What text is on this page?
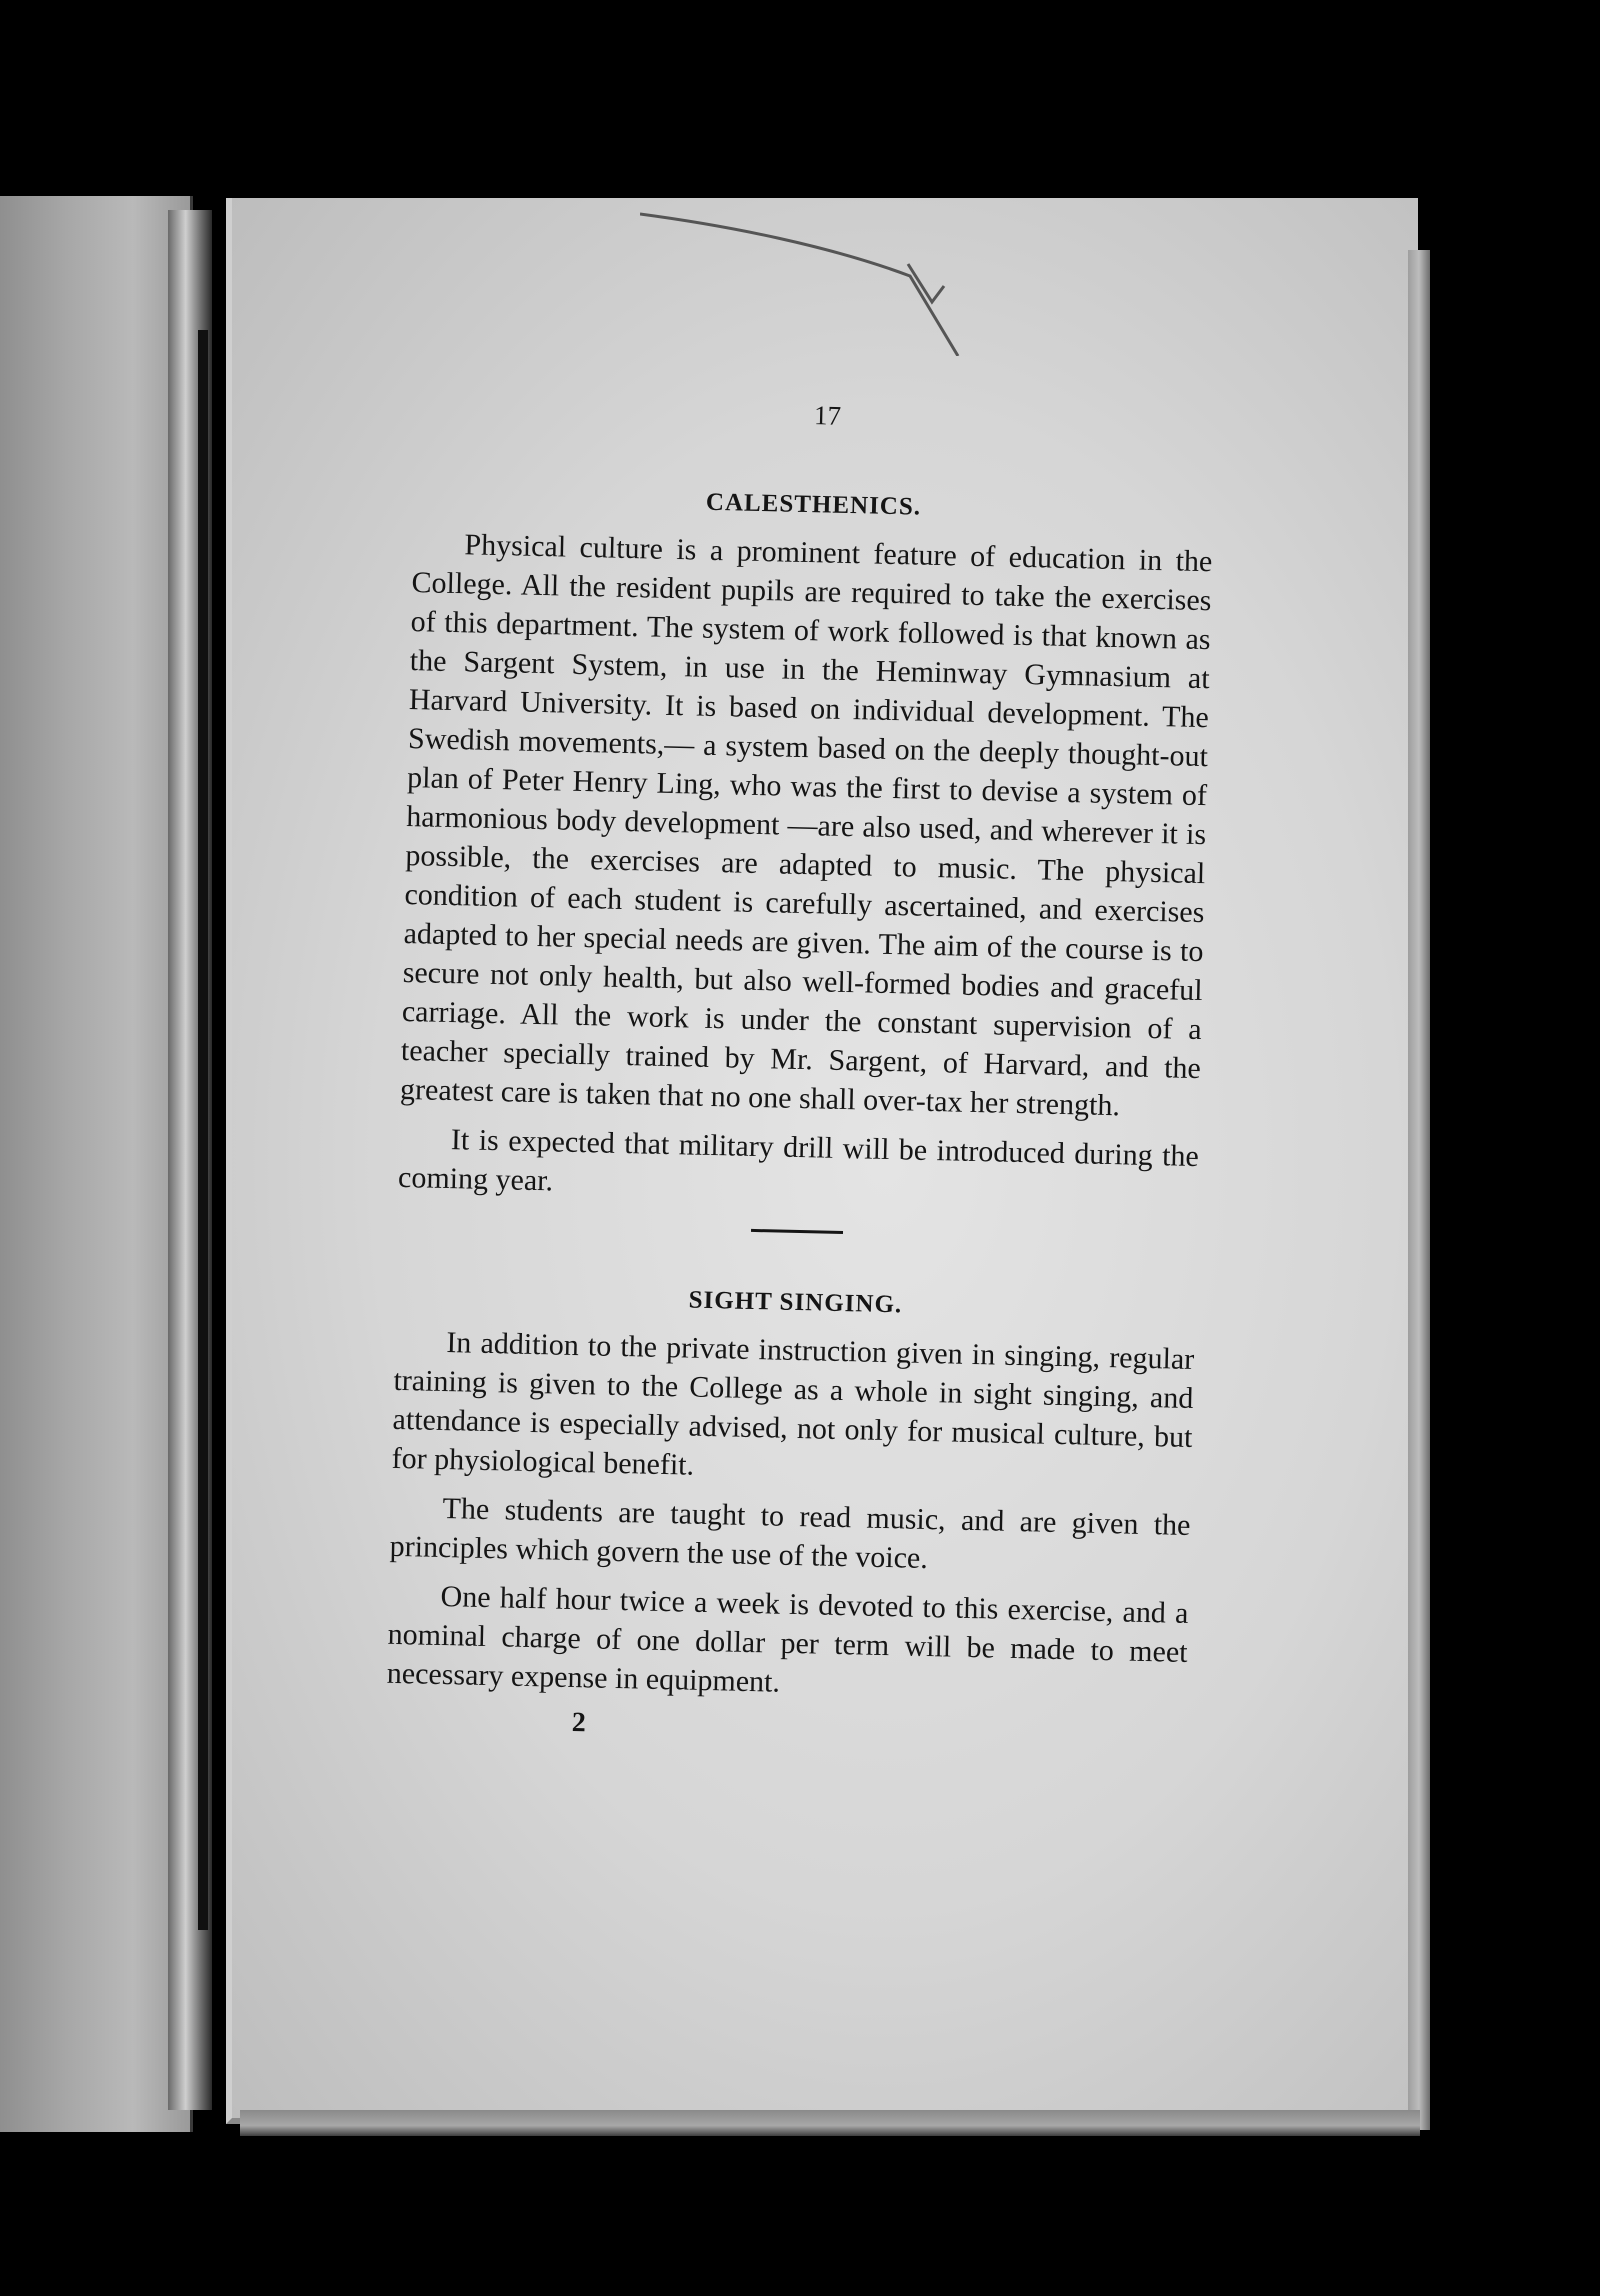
17
CALESTHENICS.

Physical culture is a prominent feature of education in the College. All the resident pupils are required to take the exercises of this department. The system of work followed is that known as the Sargent System, in use in the Heminway Gymnasium at Harvard University. It is based on individual development. The Swedish movements,— a system based on the deeply thought-out plan of Peter Henry Ling, who was the first to devise a system of harmonious body development —are also used, and wherever it is possible, the exercises are adapted to music. The physical condition of each student is carefully ascertained, and exercises adapted to her special needs are given. The aim of the course is to secure not only health, but also well-formed bodies and graceful carriage. All the work is under the constant supervision of a teacher specially trained by Mr. Sargent, of Harvard, and the greatest care is taken that no one shall over-tax her strength.

It is expected that military drill will be introduced during the coming year.

SIGHT SINGING.

In addition to the private instruction given in singing, regular training is given to the College as a whole in sight singing, and attendance is especially advised, not only for musical culture, but for physiological benefit.

The students are taught to read music, and are given the principles which govern the use of the voice.

One half hour twice a week is devoted to this exercise, and a nominal charge of one dollar per term will be made to meet necessary expense in equipment.

2
